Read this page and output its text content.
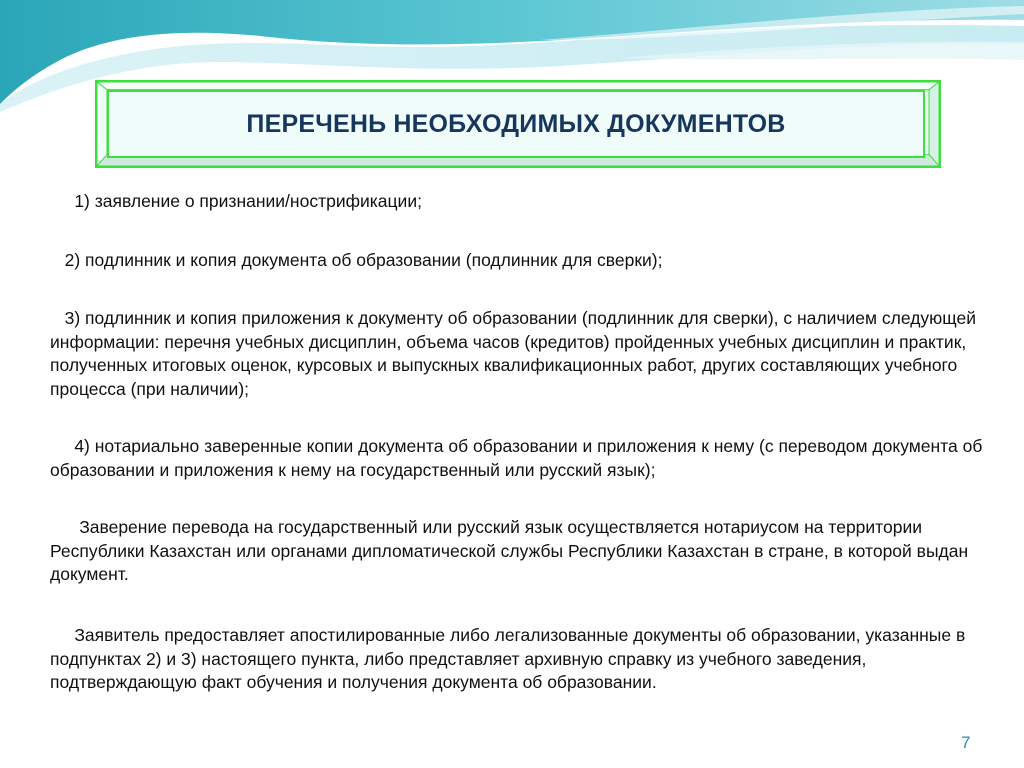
ПЕРЕЧЕНЬ НЕОБХОДИМЫХ ДОКУМЕНТОВ

1) заявление о признании/нострификации;

2) подлинник и копия документа об образовании (подлинник для сверки);

3) подлинник и копия приложения к документу об образовании (подлинник для сверки), с наличием следующей информации: перечня учебных дисциплин, объема часов (кредитов) пройденных учебных дисциплин и практик, полученных итоговых оценок, курсовых и выпускных квалификационных работ, других составляющих учебного процесса (при наличии);

4) нотариально заверенные копии документа об образовании и приложения к нему (с переводом документа об образовании и приложения к нему на государственный или русский язык);

Заверение перевода на государственный или русский язык осуществляется нотариусом на территории Республики Казахстан или органами дипломатической службы Республики Казахстан в стране, в которой выдан документ.

Заявитель предоставляет апостилированные либо легализованные документы об образовании, указанные в подпунктах 2) и 3) настоящего пункта, либо представляет архивную справку из учебного заведения, подтверждающую факт обучения и получения документа об образовании.

7
